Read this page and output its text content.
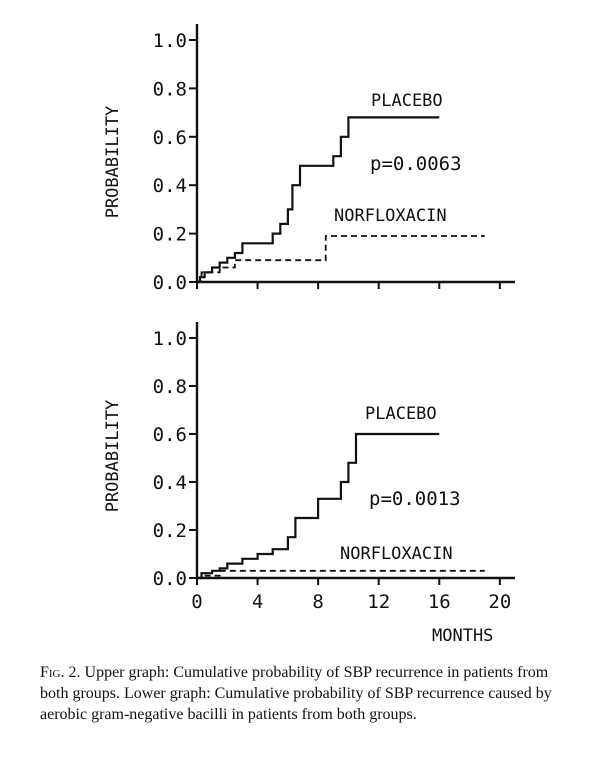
PROBABILITY
0.0
0.2
0.4
0.6
0.8
1.0
PLACEBO
p=0.0063
NORFLOXACIN
PROBABILITY
0.0
0.2
0.4
0.6
0.8
1.0
0	4	8 12 16 20
PLACEBO
p=0.0013
NORFLOXACIN
MONTHS

Fig. 2. Upper graph: Cumulative probability of SBP recurrence in patients from both groups. Lower graph: Cumulative probability of SBP recurrence caused by aerobic gram-negative bacilli in patients from both groups.
